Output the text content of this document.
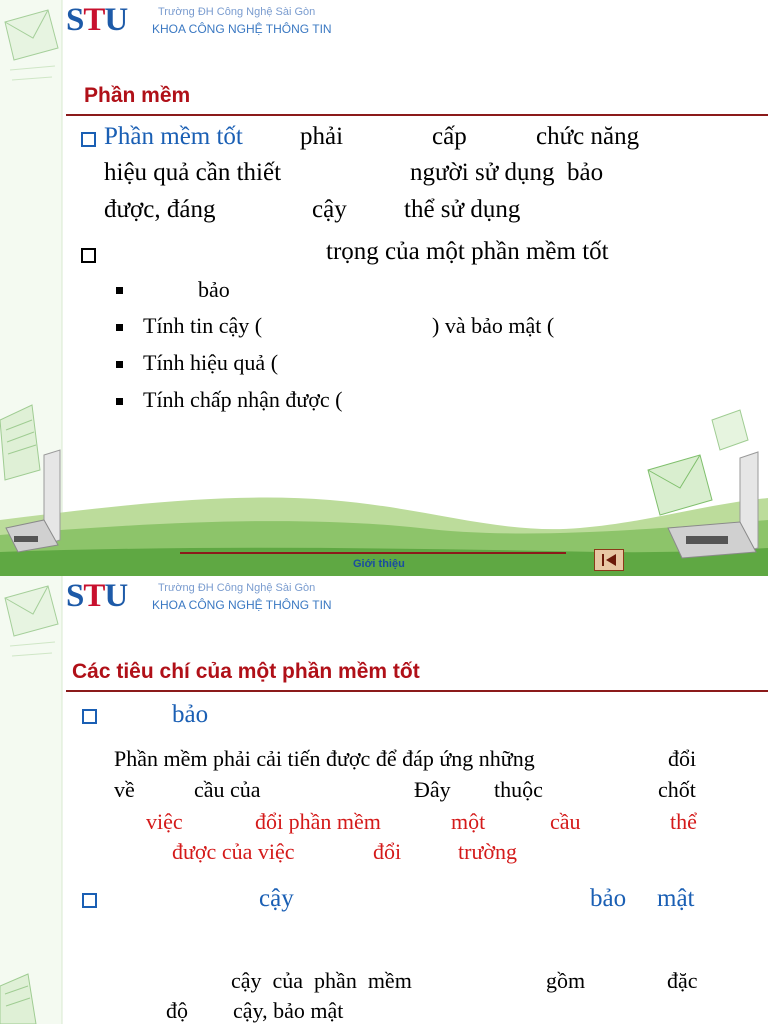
STU	Trường ĐH Công Nghệ Sài Gòn
KHOA CÔNG NGHỆ THÔNG TIN
Phần mềm
Phần mềm tốt phải	cấp	chức năng
hiệu quả cần thiết	người sử dụng  bảo
được, đáng	cậy thể sử dụng
trọng của một phần mềm tốt
bảo
Tính tin cậy (	) và bảo mật (
Tính hiệu quả (
Tính chấp nhận được (
Giới thiệu
STU	Trường ĐH Công Nghệ Sài Gòn
KHOA CÔNG NGHỆ THÔNG TIN
Các tiêu chí của một phần mềm tốt
bảo
Phần mềm phải cải tiến được để đáp ứng những	đổi
về	cầu của	Đây thuộc	chốt
việc	đổi phần mềm	một	cầu	thể
được của việc	đổi	trường
cậy	bảo mật
cậy  của  phần  mềm	gồm	đặc
độ cậy, bảo mật
